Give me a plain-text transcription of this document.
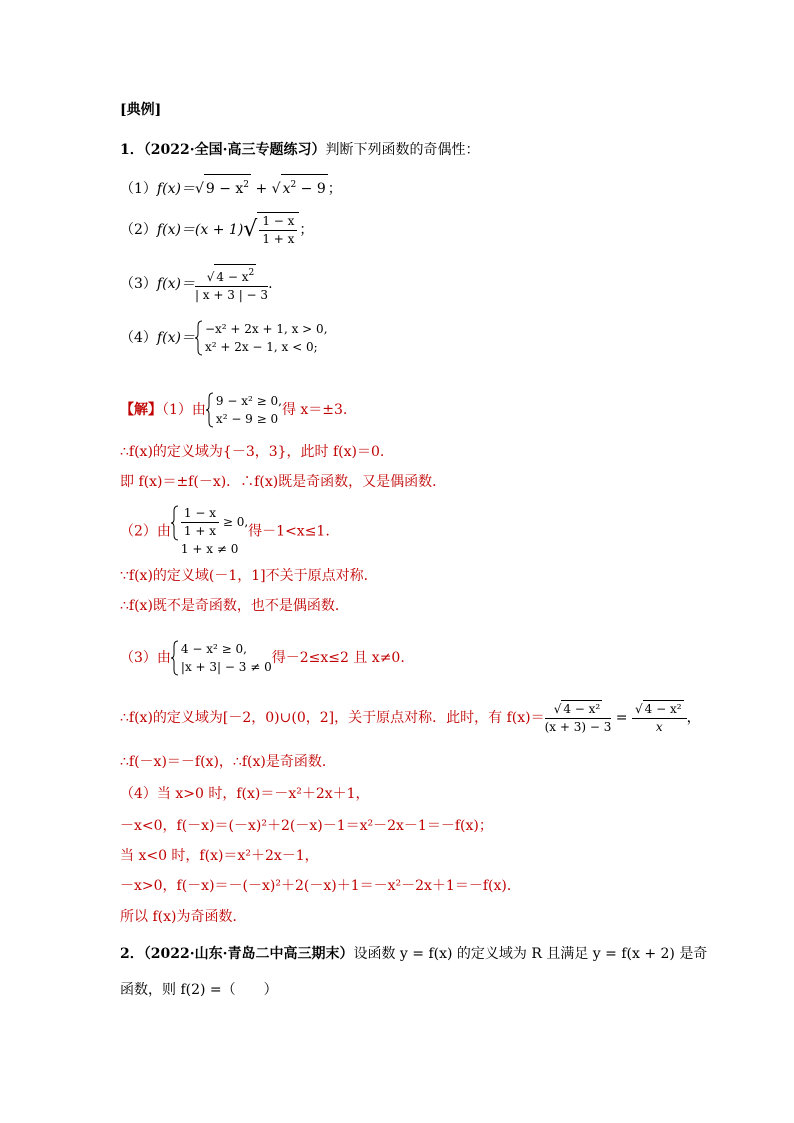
[典例]
1．（2022·全国·高三专题练习）判断下列函数的奇偶性：
（1）f(x)＝√ $9 - x^2$ + √ $x^2 - 9$ ；
$(2)f(x)=(x + 1)√ \frac{1 - x}{1 + x}$ ；
$(3)f(x)= \frac{√ 4 - x^2}{| x + 3 | - 3}$ .
（4）f(x)＝
−x² + 2x + 1, x > 0,
x² + 2x − 1, x < 0;
【解】（1）由
9 − x² ≥ 0,
x² − 9 ≥ 0
得 x＝±3.
∴f(x)的定义域为{－3，3}，此时 f(x)＝0.
即 f(x)＝±f(－x)．∴f(x)既是奇函数，又是偶函数．
（2）由 $\frac{1 - x}{1 + x} \ge 0$,
1 + x ≠ 0
得－1<x≤1.
∵f(x)的定义域(－1，1]不关于原点对称．
∴f(x)既不是奇函数，也不是偶函数．
（3）由
4 − x² ≥ 0,
|x + 3| − 3 ≠ 0
得－2≤x≤2 且 x≠0.
∴f(x)的定义域为[－2，0)∪(0，2]，关于原点对称．此时，有 $f(x)= \frac{\text{√ 4 − x²}}{(x + 3) - 3} = \frac{\text{√ 4 − x²}}{x}$ ，
∴f(－x)＝－f(x)，∴f(x)是奇函数．
（4）当 x>0 时，f(x)＝－x²＋2x＋1，
－x<0，f(－x)＝(－x)²＋2(－x)－1＝x²－2x－1＝－f(x)；
当 x<0 时，f(x)＝x²＋2x－1，
－x>0，f(－x)＝－(－x)²＋2(－x)＋1＝－x²－2x＋1＝－f(x)．
所以 f(x)为奇函数．
2．（2022·山东·青岛二中高三期末）设函数 y = f(x) 的定义域为 R 且满足 y = f(x + 2) 是奇
函数，则 f(2) =（　　）
